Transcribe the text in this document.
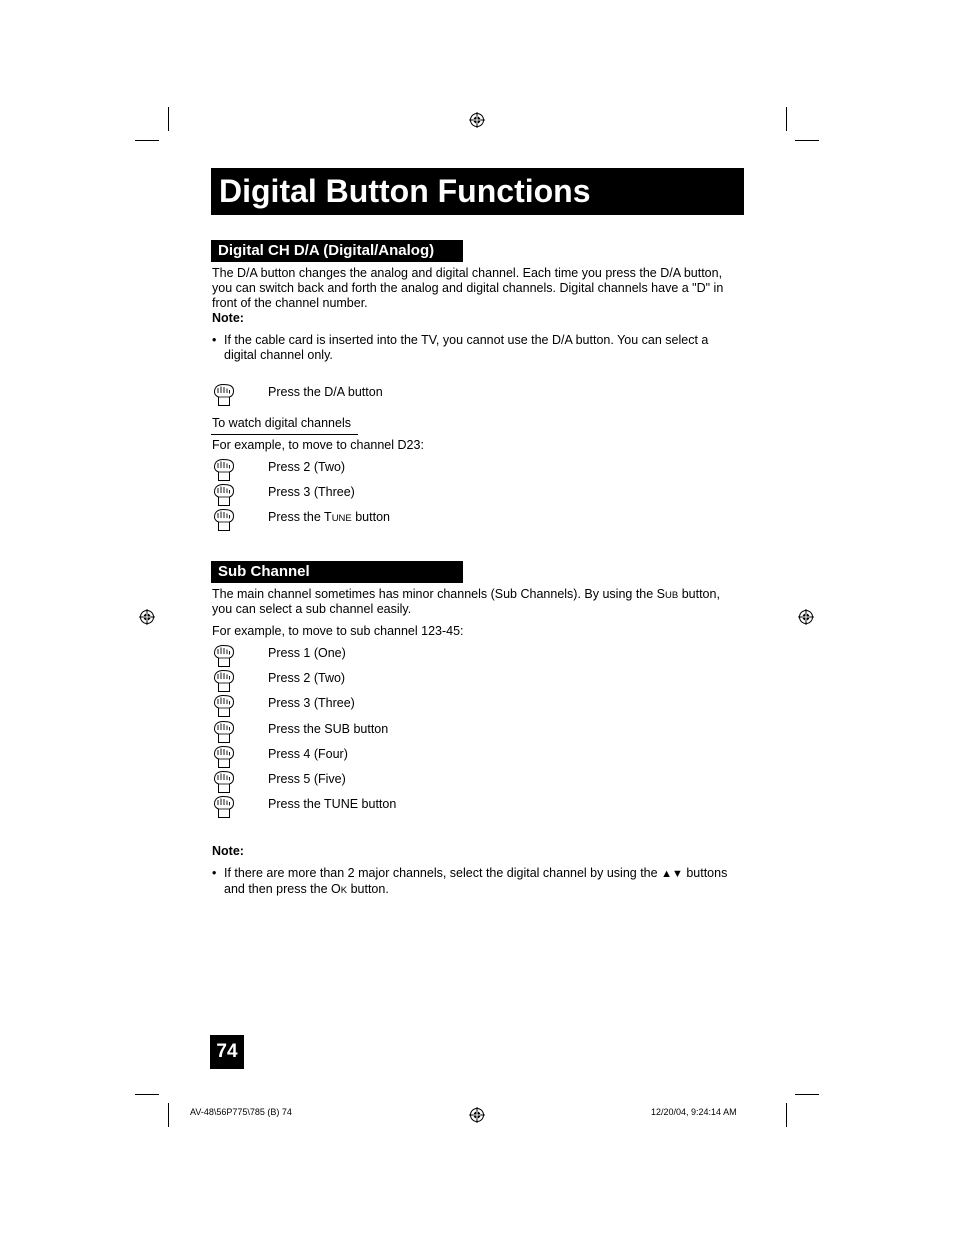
Digital Button Functions
Digital CH D/A (Digital/Analog)
The D/A button changes the analog and digital channel. Each time you press the D/A button,
you can switch back and forth the analog and digital channels. Digital channels have a "D" in
front of the channel number.
Note:
• If the cable card is inserted into the TV, you cannot use the D/A button. You can select a
digital channel only.
Press the D/A button
To watch digital channels
For example, to move to channel D23:
Press 2 (Two)
Press 3 (Three)
Press the TUNE button
Sub Channel
The main channel sometimes has minor channels (Sub Channels). By using the SUB button,
you can select a sub channel easily.
For example, to move to sub channel 123-45:
Press 1 (One)
Press 2 (Two)
Press 3 (Three)
Press the SUB button
Press 4 (Four)
Press 5 (Five)
Press the TUNE button
Note:
• If there are more than 2 major channels, select the digital channel by using the ▲▼ buttons
and then press the OK button.
74
AV-48\56P775\785 (B) 74	12/20/04, 9:24:14 AM
